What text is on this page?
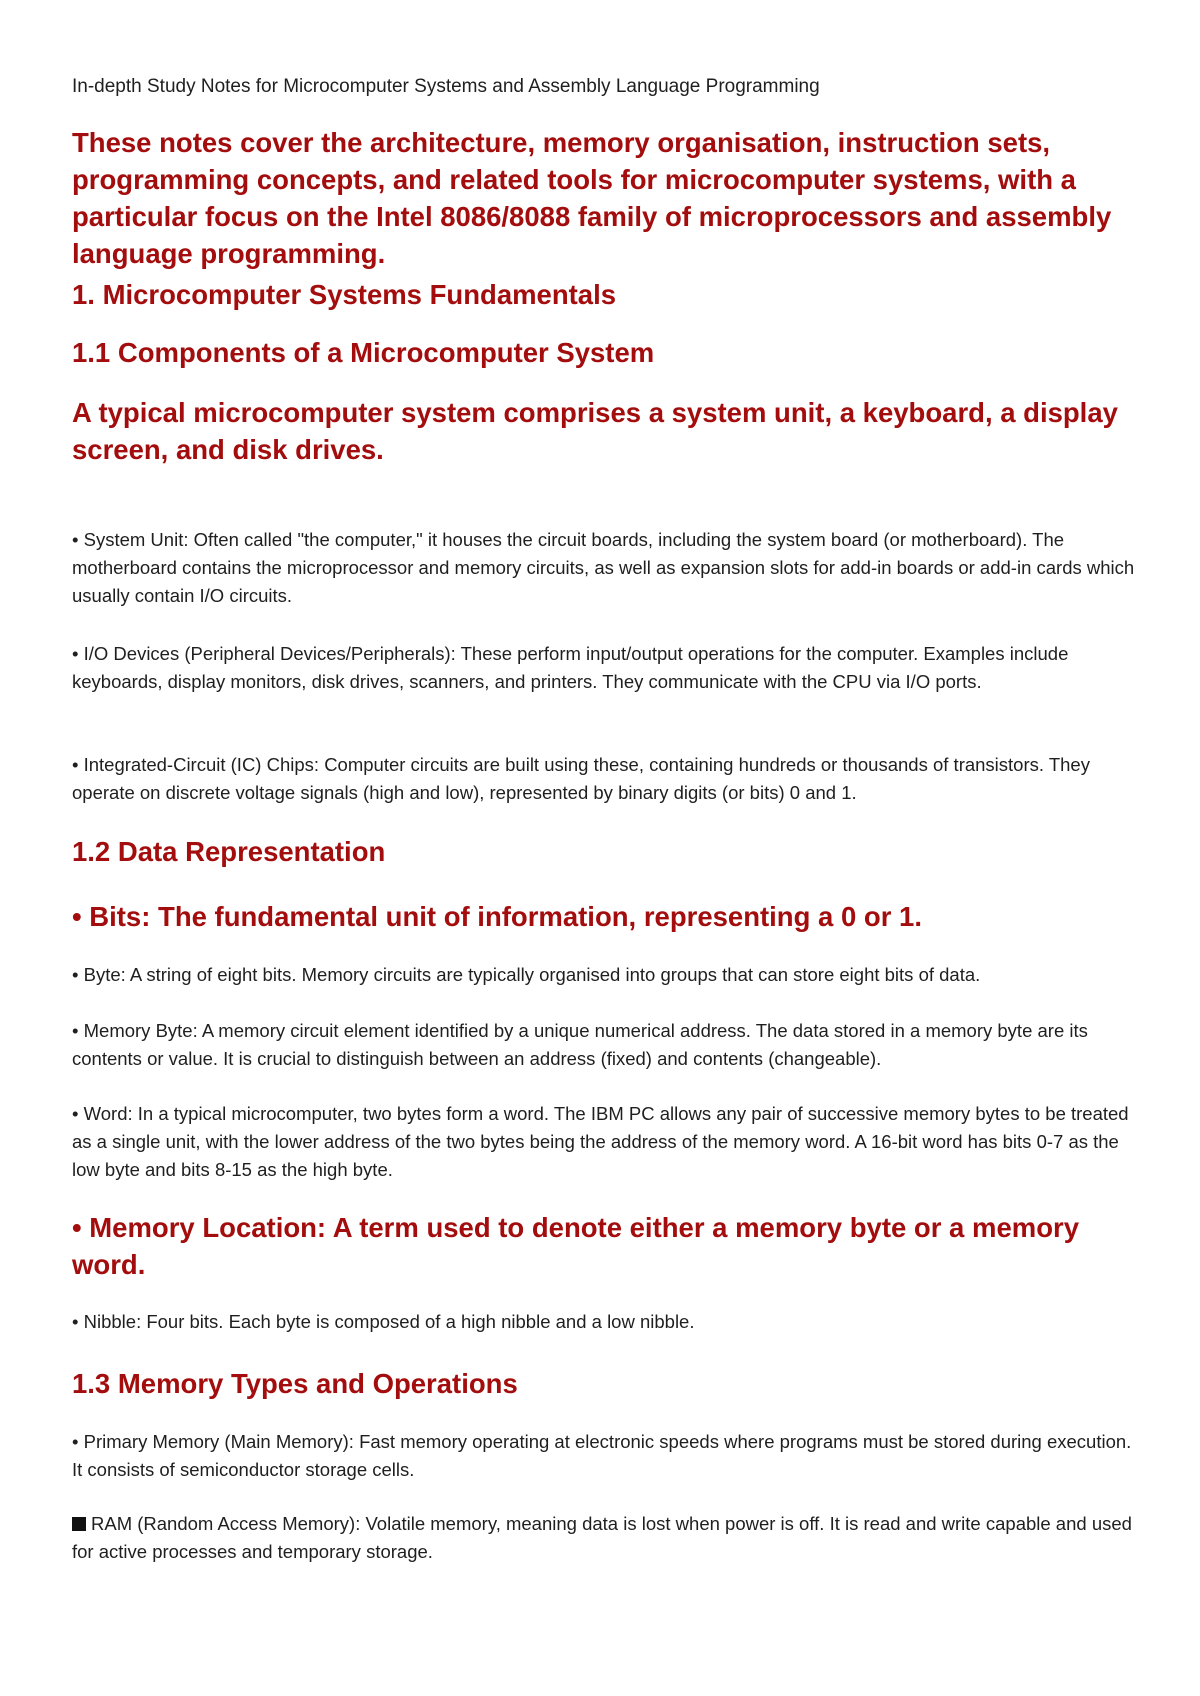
In-depth Study Notes for Microcomputer Systems and Assembly Language Programming

These notes cover the architecture, memory organisation, instruction sets, programming concepts, and related tools for microcomputer systems, with a particular focus on the Intel 8086/8088 family of microprocessors and assembly language programming.

1. Microcomputer Systems Fundamentals

1.1 Components of a Microcomputer System

A typical microcomputer system comprises a system unit, a keyboard, a display screen, and disk drives.

• System Unit: Often called "the computer," it houses the circuit boards, including the system board (or motherboard). The motherboard contains the microprocessor and memory circuits, as well as expansion slots for add-in boards or add-in cards which usually contain I/O circuits.

• I/O Devices (Peripheral Devices/Peripherals): These perform input/output operations for the computer. Examples include keyboards, display monitors, disk drives, scanners, and printers. They communicate with the CPU via I/O ports.

• Integrated-Circuit (IC) Chips: Computer circuits are built using these, containing hundreds or thousands of transistors. They operate on discrete voltage signals (high and low), represented by binary digits (or bits) 0 and 1.

1.2 Data Representation

• Bits: The fundamental unit of information, representing a 0 or 1.

• Byte: A string of eight bits. Memory circuits are typically organised into groups that can store eight bits of data.

• Memory Byte: A memory circuit element identified by a unique numerical address. The data stored in a memory byte are its contents or value. It is crucial to distinguish between an address (fixed) and contents (changeable).

• Word: In a typical microcomputer, two bytes form a word. The IBM PC allows any pair of successive memory bytes to be treated as a single unit, with the lower address of the two bytes being the address of the memory word. A 16-bit word has bits 0-7 as the low byte and bits 8-15 as the high byte.

• Memory Location: A term used to denote either a memory byte or a memory word.

• Nibble: Four bits. Each byte is composed of a high nibble and a low nibble.

1.3 Memory Types and Operations

• Primary Memory (Main Memory): Fast memory operating at electronic speeds where programs must be stored during execution. It consists of semiconductor storage cells.

RAM (Random Access Memory): Volatile memory, meaning data is lost when power is off. It is read and write capable and used for active processes and temporary storage.
